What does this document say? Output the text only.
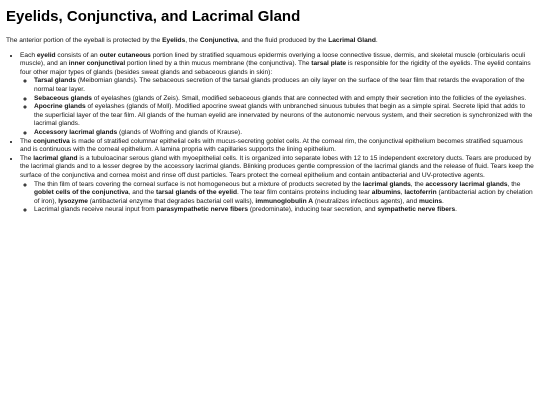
Eyelids, Conjunctiva, and Lacrimal Gland

The anterior portion of the eyeball is protected by the Eyelids, the Conjunctiva, and the fluid produced by the Lacrimal Gland.

• Each eyelid consists of an outer cutaneous portion lined by stratified squamous epidermis overlying a loose connective tissue, dermis, and skeletal muscle (orbicularis oculi muscle), and an inner conjunctival portion lined by a thin mucus membrane (the conjunctiva). The tarsal plate is responsible for the rigidity of the eyelids. The eyelid contains four other major types of glands (besides sweat glands and sebaceous glands in skin):
◦ Tarsal glands (Meibomian glands). The sebaceous secretion of the tarsal glands produces an oily layer on the surface of the tear film that retards the evaporation of the normal tear layer.
◦ Sebaceous glands of eyelashes (glands of Zeis). Small, modified sebaceous glands that are connected with and empty their secretion into the follicles of the eyelashes.
◦ Apocrine glands of eyelashes (glands of Moll). Modified apocrine sweat glands with unbranched sinuous tubules that begin as a simple spiral. Secrete lipid that adds to the superficial layer of the tear film. All glands of the human eyelid are innervated by neurons of the autonomic nervous system, and their secretion is synchronized with the lacrimal glands.
◦ Accessory lacrimal glands (glands of Wolfring and glands of Krause).
• The conjunctiva is made of stratified columnar epithelial cells with mucus-secreting goblet cells. At the corneal rim, the conjunctival epithelium becomes stratified squamous and is continuous with the corneal epithelium. A lamina propria with capillaries supports the lining epithelium.
• The lacrimal gland is a tubuloacinar serous gland with myoepithelial cells. It is organized into separate lobes with 12 to 15 independent excretory ducts. Tears are produced by the lacrimal glands and to a lesser degree by the accessory lacrimal glands. Blinking produces gentle compression of the lacrimal glands and the release of fluid. Tears keep the surface of the conjunctiva and cornea moist and rinse off dust particles. Tears protect the corneal epithelium and contain antibacterial and UV-protective agents.
◦ The thin film of tears covering the corneal surface is not homogeneous but a mixture of products secreted by the lacrimal glands, the accessory lacrimal glands, the goblet cells of the conjunctiva, and the tarsal glands of the eyelid. The tear film contains proteins including tear albumins, lactoferrin (antibacterial action by chelation of iron), lysozyme (antibacterial enzyme that degrades bacterial cell walls), immunoglobulin A (neutralizes infectious agents), and mucins.
◦ Lacrimal glands receive neural input from parasympathetic nerve fibers (predominate), inducing tear secretion, and sympathetic nerve fibers.
